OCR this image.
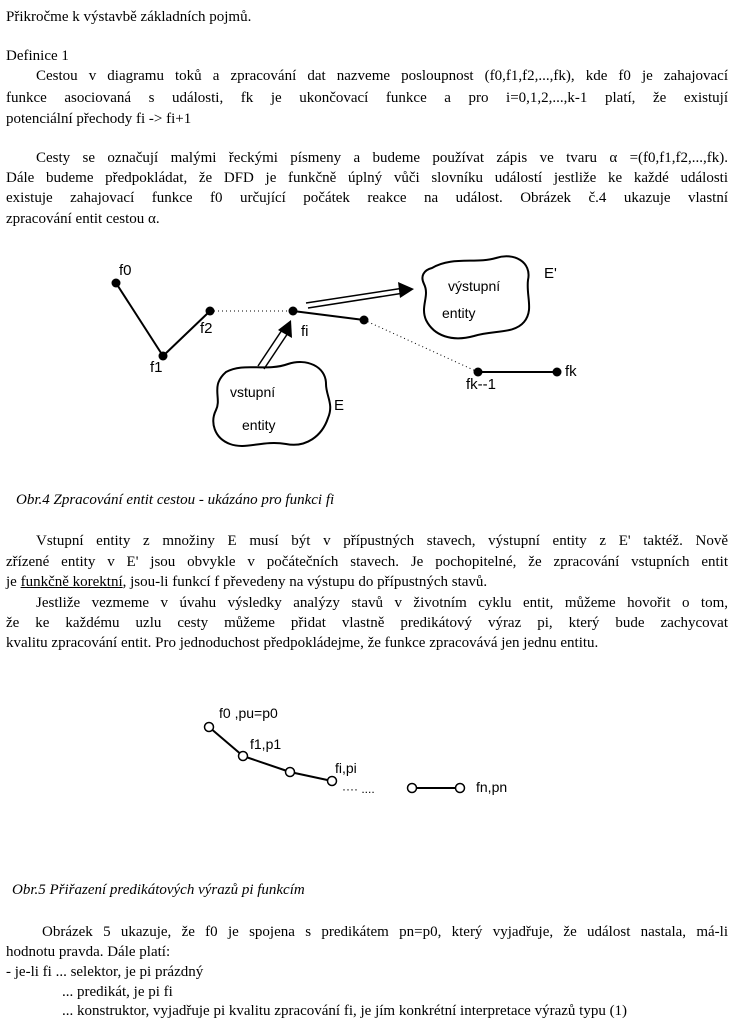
Přikročme k výstavbě základních pojmů.
Definice 1
Cestou v diagramu toků a zpracování dat nazveme posloupnost (f0,f1,f2,...,fk), kde f0 je zahajovací
funkce asociovaná s události, fk je ukončovací funkce a pro i=0,1,2,...,k-1 platí, že existují
potenciální přechody fi -> fi+1
Cesty se označují malými řeckými písmeny a budeme používat zápis ve tvaru α =(f0,f1,f2,...,fk).
Dále budeme předpokládat, že DFD je funkčně úplný vůči slovníku událostí jestliže ke každé události
existuje zahajovací funkce f0 určující počátek reakce na událost. Obrázek č.4 ukazuje vlastní
zpracování entit cestou α.
f0
f1
f2	fi
fk--1
fk
výstupní
entity
E'
vstupní
entity
E
Obr.4 Zpracování entit cestou - ukázáno pro funkci fi
Vstupní entity z množiny E musí být v přípustných stavech, výstupní entity z E' taktéž. Nově
zřízené entity v E' jsou obvykle v počátečních stavech. Je pochopitelné, že zpracování vstupních entit
je funkčně korektní, jsou-li funkcí f převedeny na výstupu do přípustných stavů.
Jestliže vezmeme v úvahu výsledky analýzy stavů v životním cyklu entit, můžeme hovořit o tom,
že ke každému uzlu cesty můžeme přidat vlastně predikátový výraz pi, který bude zachycovat
kvalitu zpracování entit. Pro jednoduchost předpokládejme, že funkce zpracovává jen jednu entitu.
f0 ,pu=p0
f1,p1
fi,pi
···· ....	fn,pn
Obr.5 Přiřazení predikátových výrazů pi funkcím
Obrázek 5 ukazuje, že f0 je spojena s predikátem pn=p0, který vyjadřuje, že událost nastala, má-li
hodnotu pravda. Dále platí:
- je-li fi ... selektor, je pi prázdný
... predikát, je pi fi
... konstruktor, vyjadřuje pi kvalitu zpracování fi, je jím konkrétní interpretace výrazů typu (1)
